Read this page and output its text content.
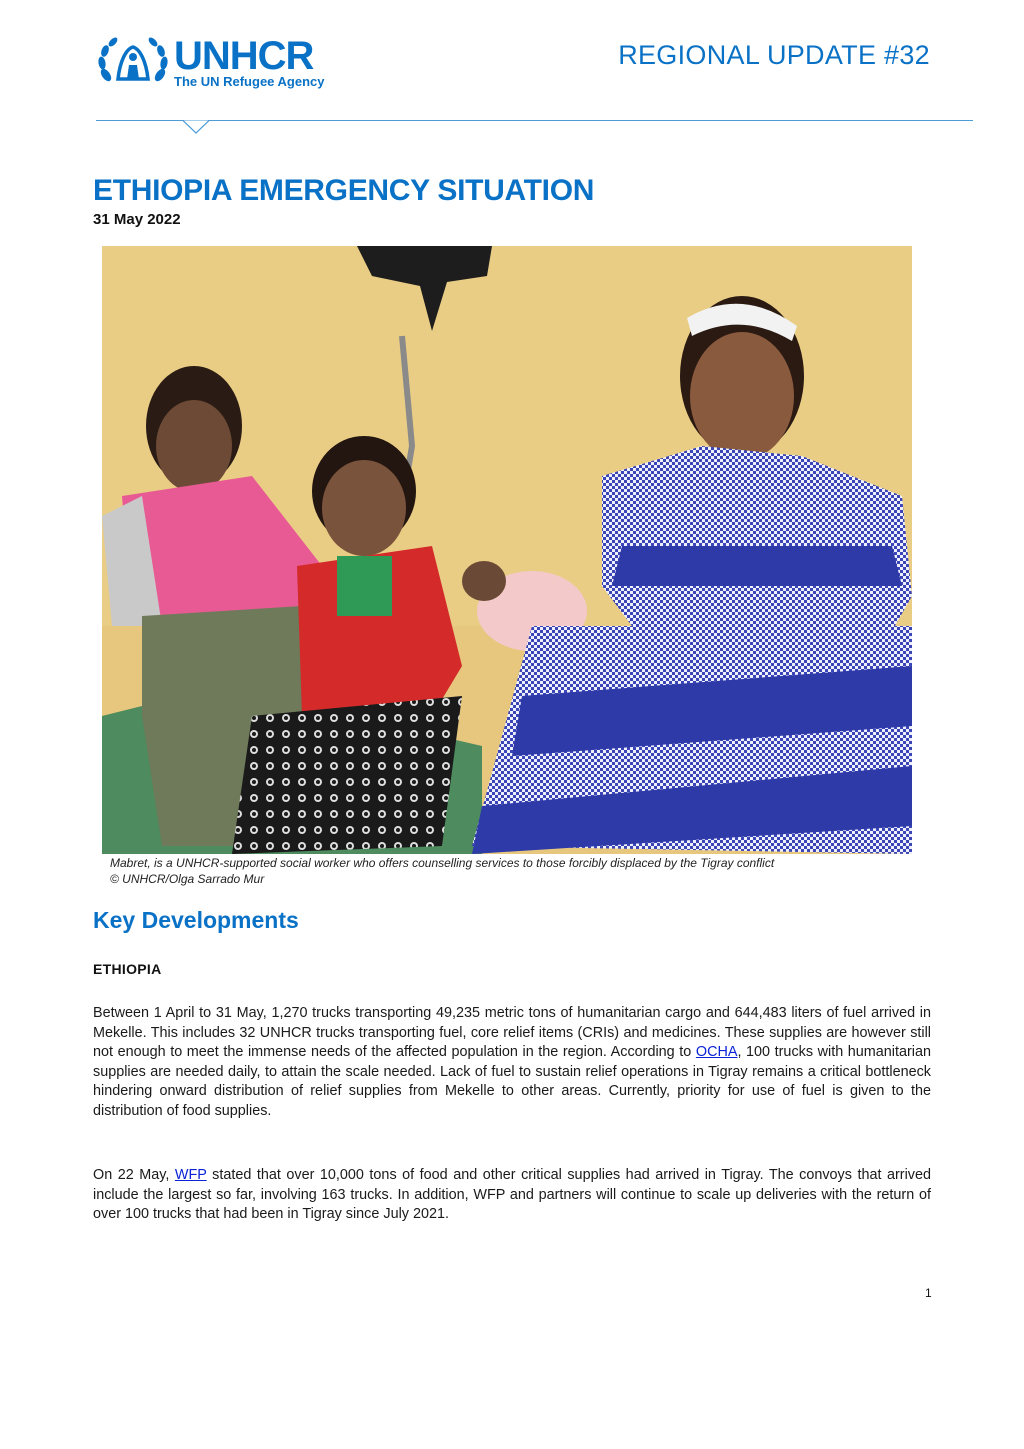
UNHCR
The UN Refugee Agency
REGIONAL UPDATE #32
ETHIOPIA EMERGENCY SITUATION
31 May 2022
Mabret, is a UNHCR-supported social worker who offers counselling services to those forcibly displaced by the Tigray conflict
© UNHCR/Olga Sarrado Mur
Key Developments
ETHIOPIA
Between 1 April to 31 May, 1,270 trucks transporting 49,235 metric tons of humanitarian cargo and 644,483 liters of fuel arrived in Mekelle. This includes 32 UNHCR trucks transporting fuel, core relief items (CRIs) and medicines. These supplies are however still not enough to meet the immense needs of the affected population in the region. According to OCHA, 100 trucks with humanitarian supplies are needed daily, to attain the scale needed. Lack of fuel to sustain relief operations in Tigray remains a critical bottleneck hindering onward distribution of relief supplies from Mekelle to other areas. Currently, priority for use of fuel is given to the distribution of food supplies.
On 22 May, WFP stated that over 10,000 tons of food and other critical supplies had arrived in Tigray. The convoys that arrived include the largest so far, involving 163 trucks. In addition, WFP and partners will continue to scale up deliveries with the return of over 100 trucks that had been in Tigray since July 2021.
1
